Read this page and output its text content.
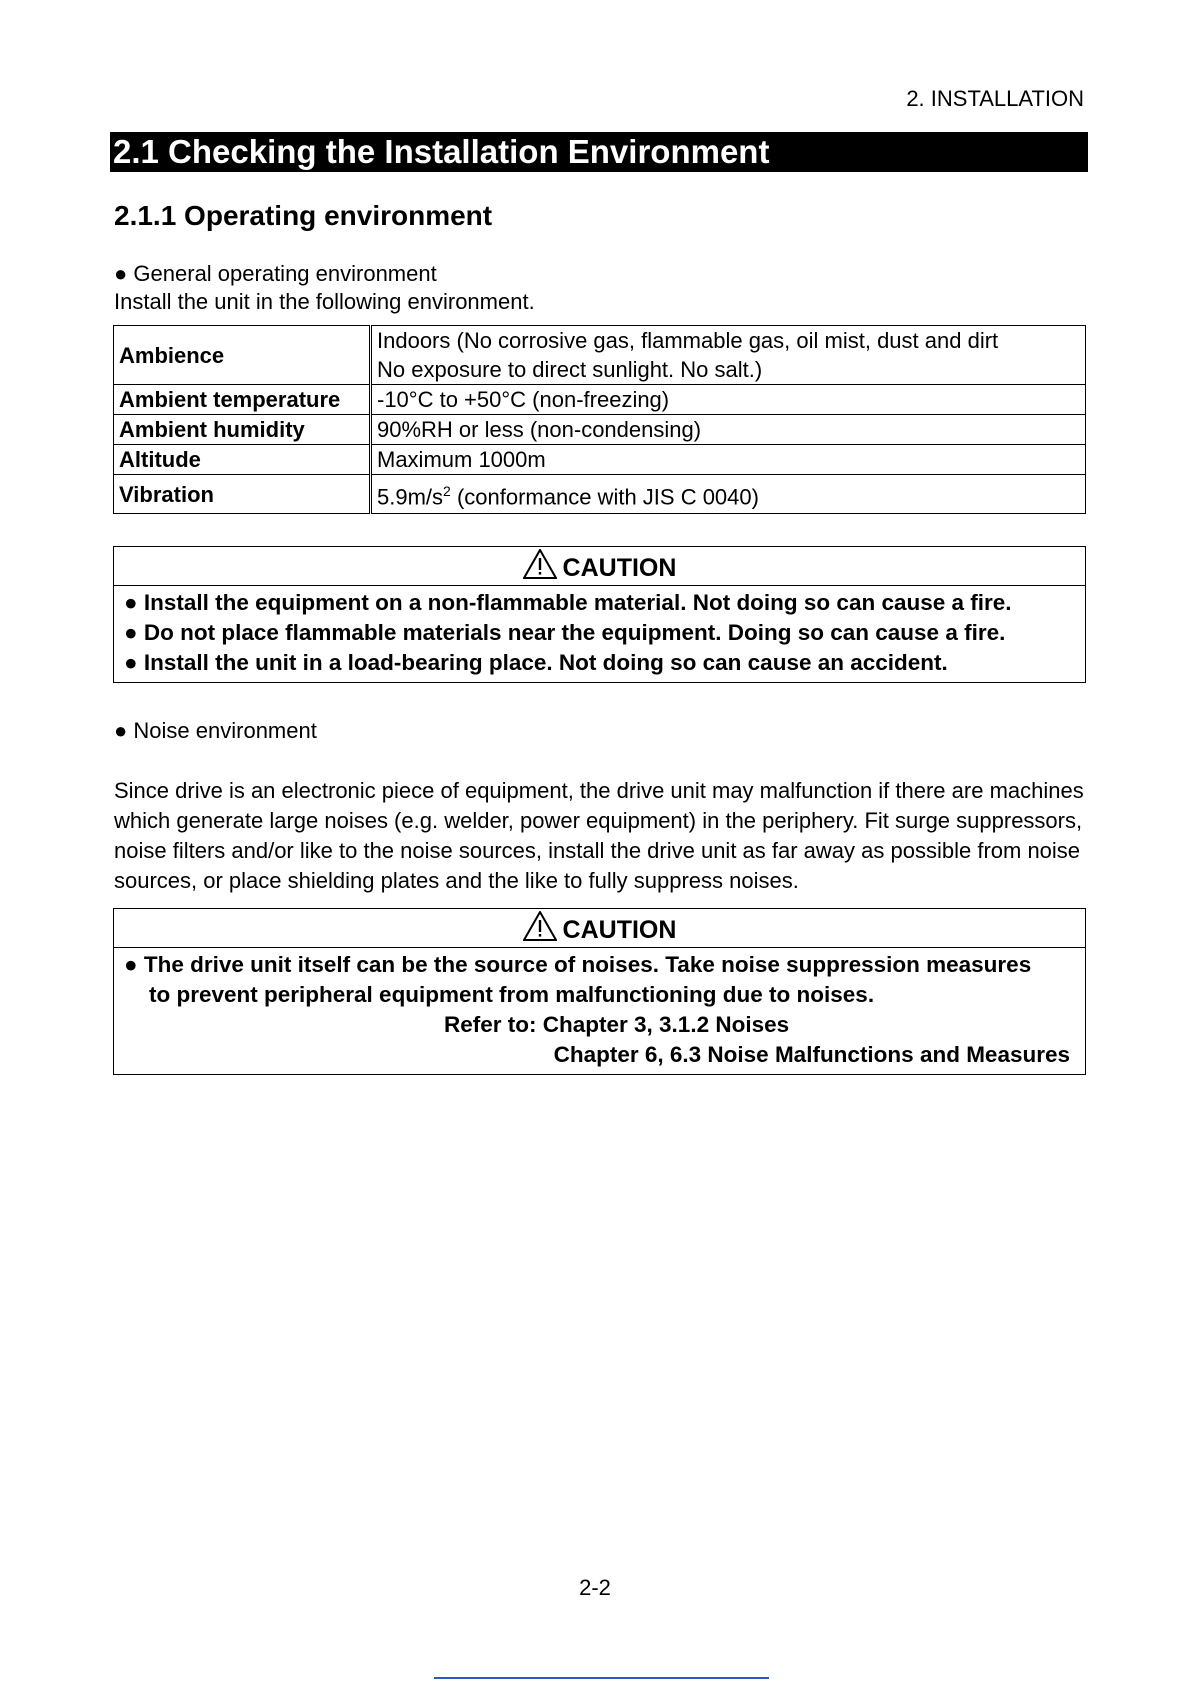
2. INSTALLATION
2.1 Checking the Installation Environment
2.1.1 Operating environment
● General operating environment
Install the unit in the following environment.
Ambience	Indoors (No corrosive gas, flammable gas, oil mist, dust and dirt
No exposure to direct sunlight. No salt.)

Ambient temperature	-10°C to +50°C (non-freezing)
Ambient humidity	90%RH or less (non-condensing)
Altitude	Maximum 1000m
Vibration	$5.9m/s^2$ (conformance with JIS C 0040)
CAUTION
● Install the equipment on a non-flammable material. Not doing so can cause a fire.
● Do not place flammable materials near the equipment. Doing so can cause a fire.
● Install the unit in a load-bearing place. Not doing so can cause an accident.
● Noise environment
Since drive is an electronic piece of equipment, the drive unit may malfunction if there are machines
which generate large noises (e.g. welder, power equipment) in the periphery. Fit surge suppressors,
noise filters and/or like to the noise sources, install the drive unit as far away as possible from noise
sources, or place shielding plates and the like to fully suppress noises.
CAUTION
● The drive unit itself can be the source of noises. Take noise suppression measures
to prevent peripheral equipment from malfunctioning due to noises.
Refer to: Chapter 3, 3.1.2 Noises
Chapter 6, 6.3 Noise Malfunctions and Measures
2-2
